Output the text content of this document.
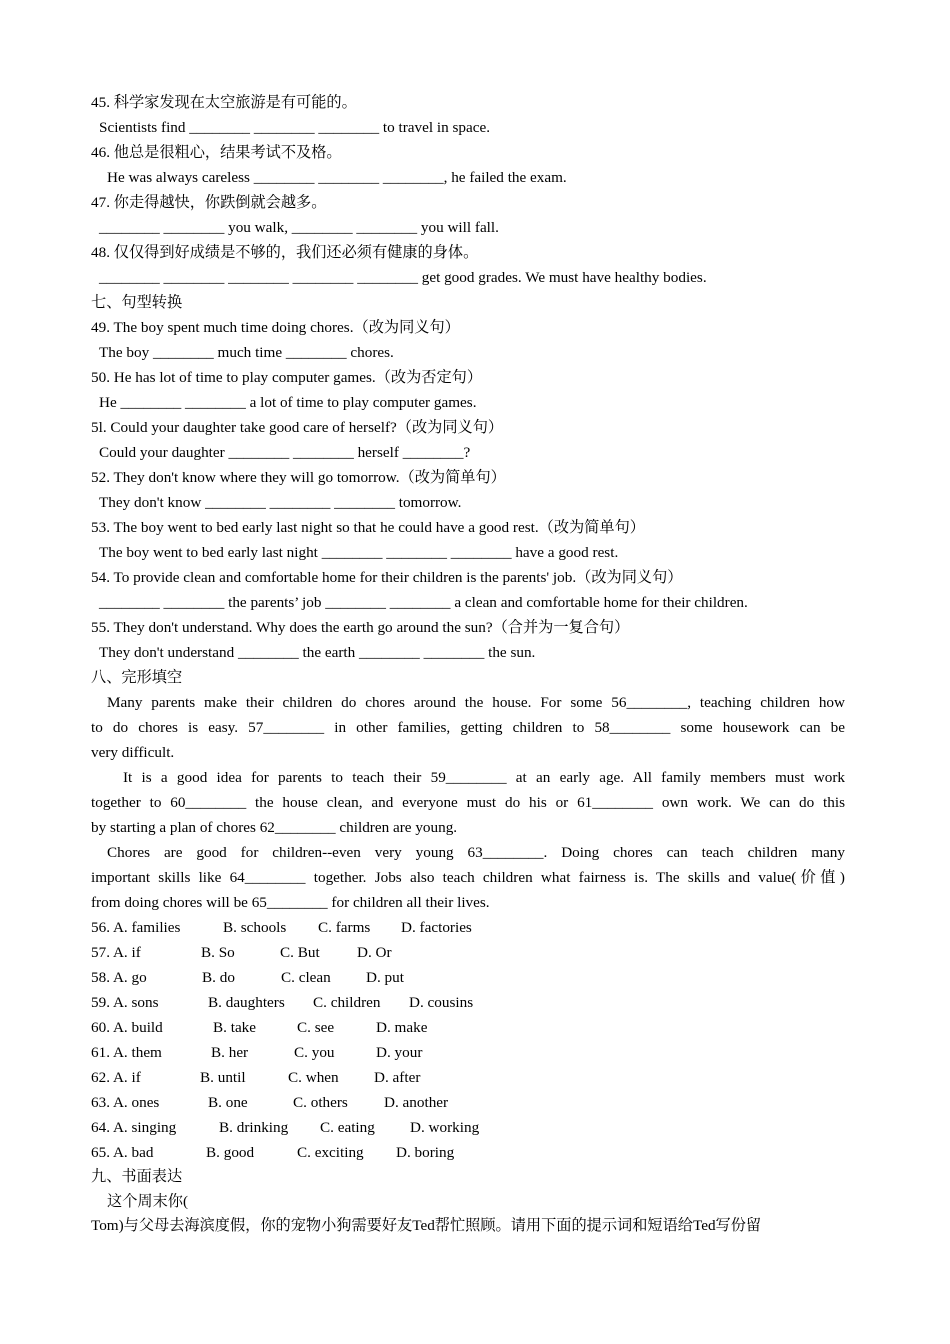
45. 科学家发现在太空旅游是有可能的。
Scientists find ________ ________ ________ to travel in space.
46. 他总是很粗心，结果考试不及格。
He was always careless ________ ________ ________, he failed the exam.
47. 你走得越快，你跌倒就会越多。
________ ________ you walk, ________ ________ you will fall.
48. 仅仅得到好成绩是不够的，我们还必须有健康的身体。
________ ________ ________ ________ ________ get good grades. We must have healthy bodies.
七、句型转换
49. The boy spent much time doing chores.（改为同义句）
The boy ________ much time ________ chores.
50. He has lot of time to play computer games.（改为否定句）
He ________ ________ a lot of time to play computer games.
5l. Could your daughter take good care of herself?（改为同义句）
Could your daughter ________ ________ herself ________?
52. They don't know where they will go tomorrow.（改为简单句）
They don't know ________ ________ ________ tomorrow.
53. The boy went to bed early last night so that he could have a good rest.（改为简单句）
The boy went to bed early last night ________ ________ ________ have a good rest.
54. To provide clean and comfortable home for their children is the parents' job.（改为同义句）
________ ________ the parents’ job ________ ________ a clean and comfortable home for their children.
55. They don't understand. Why does the earth go around the sun?（合并为一复合句）
They don't understand ________ the earth ________ ________ the sun.
八、完形填空
Many parents make their children do chores around the house. For some 56________, teaching children how
to do chores is easy. 57________ in other families, getting children to 58________ some housework can be
very difficult.
It is a good idea for parents to teach their 59________ at an early age. All family members must work
together to 60________ the house clean, and everyone must do his or 61________ own work. We can do this
by starting a plan of chores 62________ children are young.
Chores are good for children--even very young 63________. Doing chores can teach children many
important skills like 64________ together. Jobs also teach children what fairness is. The skills and value(价值)
from doing chores will be 65________ for children all their lives.
56. A. families	B. schools C. farms D. factories
57. A. if	B. So	C. But D. Or
58. A. go	B. do	C. clean D. put
59. A. sons	B. daughters C. children D. cousins
60. A. build	B. take	C. see	D. make
61. A. them	B. her	C. you	D. your
62. A. if	B. until	C. when D. after
63. A. ones	B. one	C. others D. another
64. A. singing	B. drinking C. eating D. working
65. A. bad	B. good	C. exciting D. boring
九、书面表达
这个周末你(
Tom)与父母去海滨度假，你的宠物小狗需要好友Ted帮忙照顾。请用下面的提示词和短语给Ted写份留
